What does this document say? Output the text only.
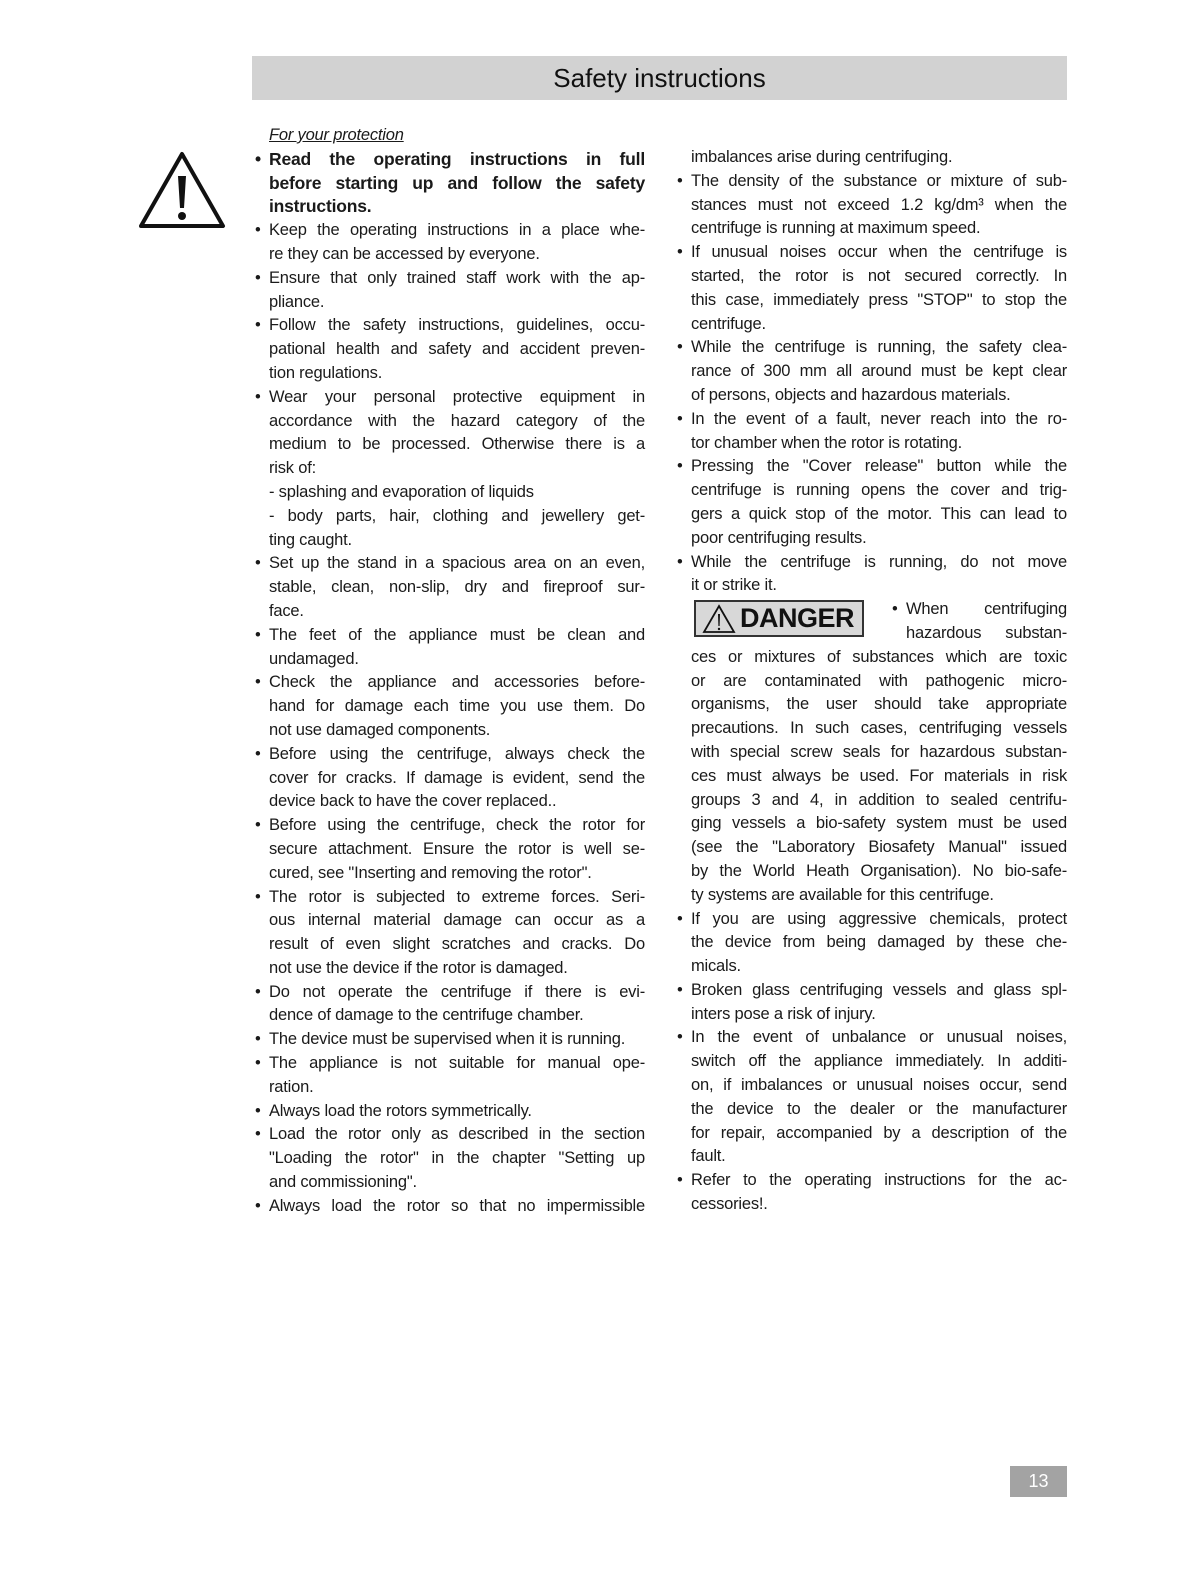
Safety instructions
For your protection
• Read the operating instructions in full
before starting up and follow the safety
instructions.
• Keep the operating instructions in a place whe-
re they can be accessed by everyone.
• Ensure that only trained staff work with the ap-
pliance.
• Follow the safety instructions, guidelines, occu-
pational health and safety and accident preven-
tion regulations.
• Wear your personal protective equipment in
accordance with the hazard category of the
medium to be processed. Otherwise there is a
risk of:
- splashing and evaporation of liquids
- body parts, hair, clothing and jewellery get-
ting caught.
• Set up the stand in a spacious area on an even,
stable, clean, non-slip, dry and fireproof sur-
face.
• The feet of the appliance must be clean and
undamaged.
• Check the appliance and accessories before-
hand for damage each time you use them. Do
not use damaged components.
• Before using the centrifuge, always check the
cover for cracks. If damage is evident, send the
device back to have the cover replaced..
• Before using the centrifuge, check the rotor for
secure attachment. Ensure the rotor is well se-
cured, see "Inserting and removing the rotor".
• The rotor is subjected to extreme forces. Seri-
ous internal material damage can occur as a
result of even slight scratches and cracks. Do
not use the device if the rotor is damaged.
• Do not operate the centrifuge if there is evi-
dence of damage to the centrifuge chamber.
• The device must be supervised when it is running.
• The appliance is not suitable for manual ope-
ration.
• Always load the rotors symmetrically.
• Load the rotor only as described in the section
"Loading the rotor" in the chapter "Setting up
and commissioning".
• Always load the rotor so that no impermissible
imbalances arise during centrifuging.
• The density of the substance or mixture of sub-
stances must not exceed 1.2 kg/dm³ when the
centrifuge is running at maximum speed.
• If unusual noises occur when the centrifuge is
started, the rotor is not secured correctly. In
this case, immediately press "STOP" to stop the
centrifuge.
• While the centrifuge is running, the safety clea-
rance of 300 mm all around must be kept clear
of persons, objects and hazardous materials.
• In the event of a fault, never reach into the ro-
tor chamber when the rotor is rotating.
• Pressing the "Cover release" button while the
centrifuge is running opens the cover and trig-
gers a quick stop of the motor. This can lead to
poor centrifuging results.
• While the centrifuge is running, do not move
it or strike it.
• When centrifuging
hazardous substan-
ces or mixtures of substances which are toxic
or are contaminated with pathogenic micro-
organisms, the user should take appropriate
precautions. In such cases, centrifuging vessels
with special screw seals for hazardous substan-
ces must always be used. For materials in risk
groups 3 and 4, in addition to sealed centrifu-
ging vessels a bio-safety system must be used
(see the "Laboratory Biosafety Manual" issued
by the World Heath Organisation). No bio-safe-
ty systems are available for this centrifuge.
• If you are using aggressive chemicals, protect
the device from being damaged by these che-
micals.
• Broken glass centrifuging vessels and glass spl-
inters pose a risk of injury.
• In the event of unbalance or unusual noises,
switch off the appliance immediately. In additi-
on, if imbalances or unusual noises occur, send
the device to the dealer or the manufacturer
for repair, accompanied by a description of the
fault.
• Refer to the operating instructions for the ac-
cessories!.
DANGER
13
